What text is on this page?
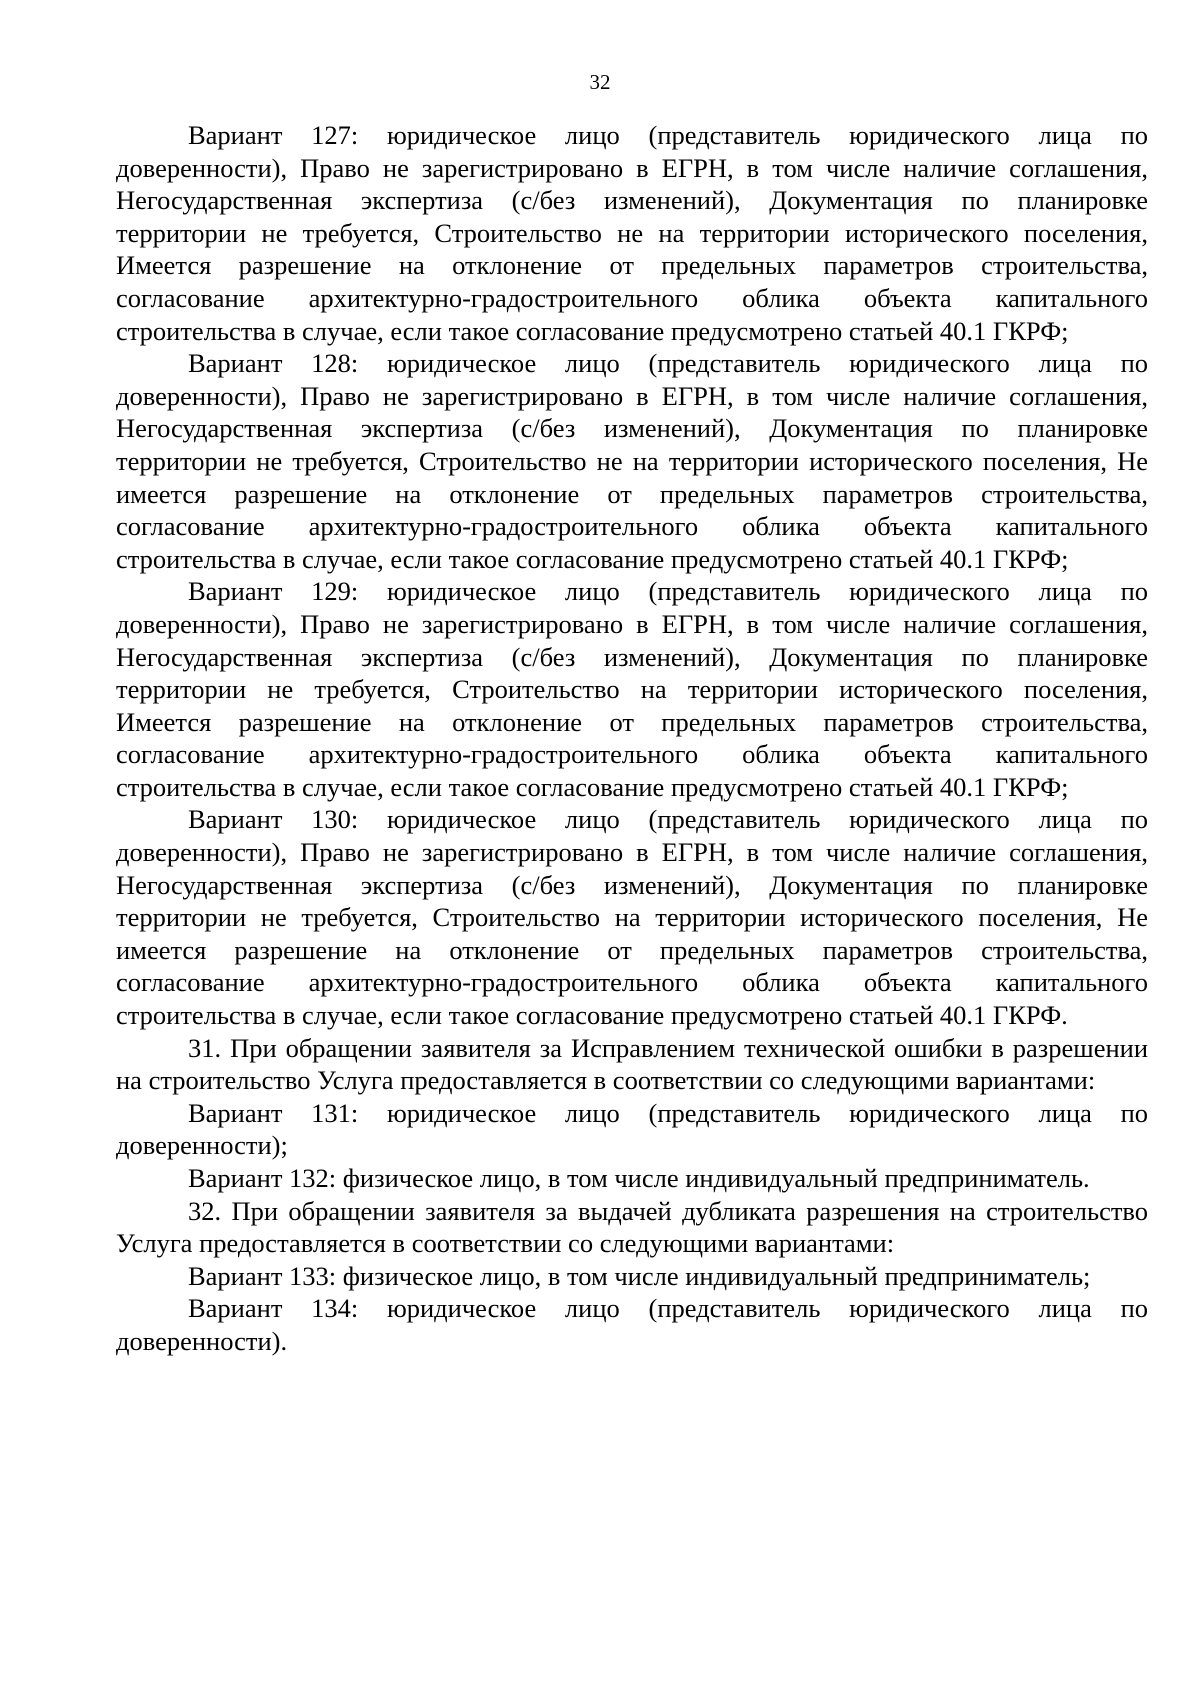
32

Вариант 127: юридическое лицо (представитель юридического лица по доверенности), Право не зарегистрировано в ЕГРН, в том числе наличие соглашения, Негосударственная экспертиза (с/без изменений), Документация по планировке территории не требуется, Строительство не на территории исторического поселения, Имеется разрешение на отклонение от предельных параметров строительства, согласование архитектурно-градостроительного облика объекта капитального строительства в случае, если такое согласование предусмотрено статьей 40.1 ГКРФ;

Вариант 128: юридическое лицо (представитель юридического лица по доверенности), Право не зарегистрировано в ЕГРН, в том числе наличие соглашения, Негосударственная экспертиза (с/без изменений), Документация по планировке территории не требуется, Строительство не на территории исторического поселения, Не имеется разрешение на отклонение от предельных параметров строительства, согласование архитектурно-градостроительного облика объекта капитального строительства в случае, если такое согласование предусмотрено статьей 40.1 ГКРФ;

Вариант 129: юридическое лицо (представитель юридического лица по доверенности), Право не зарегистрировано в ЕГРН, в том числе наличие соглашения, Негосударственная экспертиза (с/без изменений), Документация по планировке территории не требуется, Строительство на территории исторического поселения, Имеется разрешение на отклонение от предельных параметров строительства, согласование архитектурно-градостроительного облика объекта капитального строительства в случае, если такое согласование предусмотрено статьей 40.1 ГКРФ;

Вариант 130: юридическое лицо (представитель юридического лица по доверенности), Право не зарегистрировано в ЕГРН, в том числе наличие соглашения, Негосударственная экспертиза (с/без изменений), Документация по планировке территории не требуется, Строительство на территории исторического поселения, Не имеется разрешение на отклонение от предельных параметров строительства, согласование архитектурно-градостроительного облика объекта капитального строительства в случае, если такое согласование предусмотрено статьей 40.1 ГКРФ.

31. При обращении заявителя за Исправлением технической ошибки в разрешении на строительство Услуга предоставляется в соответствии со следующими вариантами:

Вариант 131: юридическое лицо (представитель юридического лица по доверенности);

Вариант 132: физическое лицо, в том числе индивидуальный предприниматель.

32. При обращении заявителя за выдачей дубликата разрешения на строительство Услуга предоставляется в соответствии со следующими вариантами:

Вариант 133: физическое лицо, в том числе индивидуальный предприниматель;

Вариант 134: юридическое лицо (представитель юридического лица по доверенности).
